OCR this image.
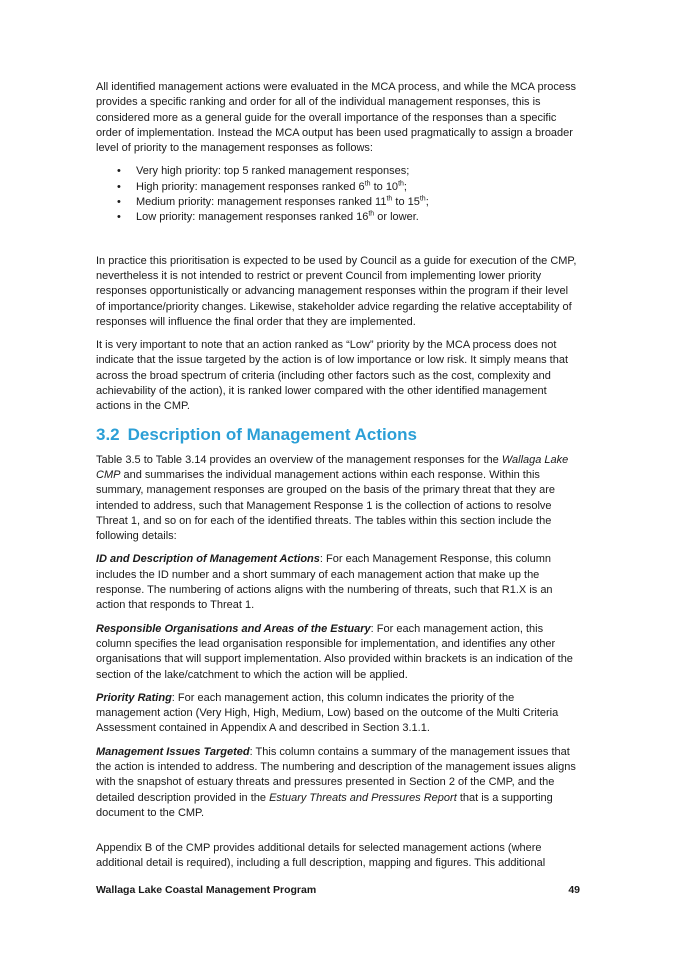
All identified management actions were evaluated in the MCA process, and while the MCA process provides a specific ranking and order for all of the individual management responses, this is considered more as a general guide for the overall importance of the responses than a specific order of implementation. Instead the MCA output has been used pragmatically to assign a broader level of priority to the management responses as follows:

• Very high priority: top 5 ranked management responses;
• High priority: management responses ranked 6th to 10th;
• Medium priority: management responses ranked 11th to 15th;
• Low priority: management responses ranked 16th or lower.

In practice this prioritisation is expected to be used by Council as a guide for execution of the CMP, nevertheless it is not intended to restrict or prevent Council from implementing lower priority responses opportunistically or advancing management responses within the program if their level of importance/priority changes. Likewise, stakeholder advice regarding the relative acceptability of responses will influence the final order that they are implemented.

It is very important to note that an action ranked as “Low” priority by the MCA process does not indicate that the issue targeted by the action is of low importance or low risk. It simply means that across the broad spectrum of criteria (including other factors such as the cost, complexity and achievability of the action), it is ranked lower compared with the other identified management actions in the CMP.

3.2 Description of Management Actions

Table 3.5 to Table 3.14 provides an overview of the management responses for the Wallaga Lake CMP and summarises the individual management actions within each response. Within this summary, management responses are grouped on the basis of the primary threat that they are intended to address, such that Management Response 1 is the collection of actions to resolve Threat 1, and so on for each of the identified threats. The tables within this section include the following details:

ID and Description of Management Actions: For each Management Response, this column includes the ID number and a short summary of each management action that make up the response. The numbering of actions aligns with the numbering of threats, such that R1.X is an action that responds to Threat 1.

Responsible Organisations and Areas of the Estuary: For each management action, this column specifies the lead organisation responsible for implementation, and identifies any other organisations that will support implementation. Also provided within brackets is an indication of the section of the lake/catchment to which the action will be applied.

Priority Rating: For each management action, this column indicates the priority of the management action (Very High, High, Medium, Low) based on the outcome of the Multi Criteria Assessment contained in Appendix A and described in Section 3.1.1.

Management Issues Targeted: This column contains a summary of the management issues that the action is intended to address. The numbering and description of the management issues aligns with the snapshot of estuary threats and pressures presented in Section 2 of the CMP, and the detailed description provided in the Estuary Threats and Pressures Report that is a supporting document to the CMP.

Appendix B of the CMP provides additional details for selected management actions (where additional detail is required), including a full description, mapping and figures. This additional

Wallaga Lake Coastal Management Program	49
